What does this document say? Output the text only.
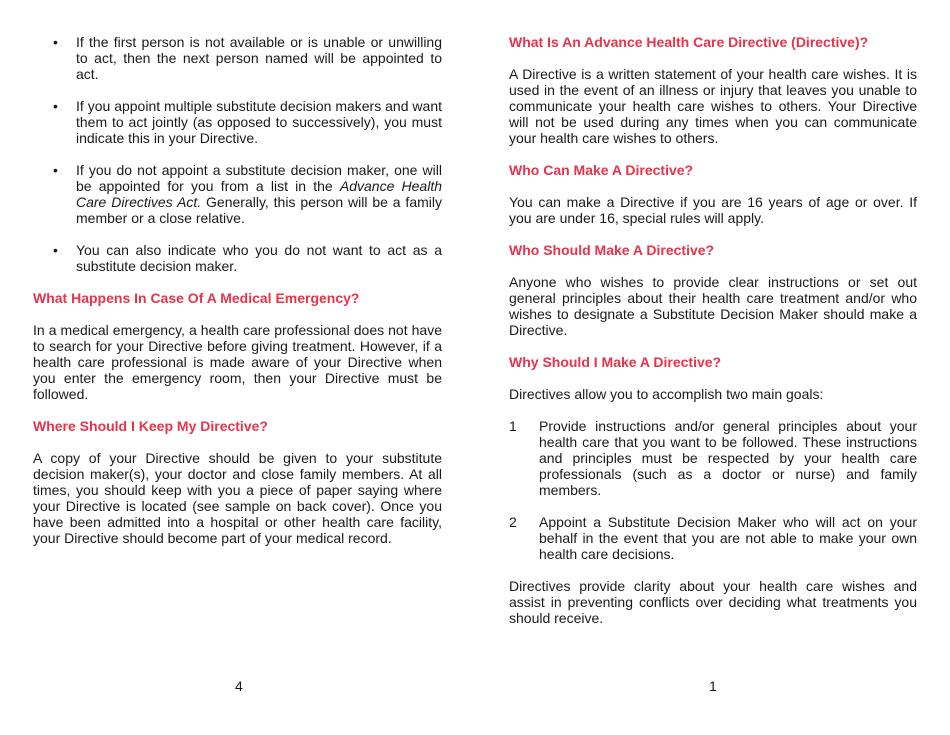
• If the first person is not available or is unable or unwilling to act, then the next person named will be appointed to act.
• If you appoint multiple substitute decision makers and want them to act jointly (as opposed to successively), you must indicate this in your Directive.
• If you do not appoint a substitute decision maker, one will be appointed for you from a list in the Advance Health Care Directives Act. Generally, this person will be a family member or a close relative.
• You can also indicate who you do not want to act as a substitute decision maker.
What Happens In Case Of A Medical Emergency?

In a medical emergency, a health care professional does not have to search for your Directive before giving treatment. However, if a health care professional is made aware of your Directive when you enter the emergency room, then your Directive must be followed.

Where Should I Keep My Directive?

A copy of your Directive should be given to your substitute decision maker(s), your doctor and close family members. At all times, you should keep with you a piece of paper saying where your Directive is located (see sample on back cover). Once you have been admitted into a hospital or other health care facility, your Directive should become part of your medical record.

4
What Is An Advance Health Care Directive (Directive)?

A Directive is a written statement of your health care wishes. It is used in the event of an illness or injury that leaves you unable to communicate your health care wishes to others. Your Directive will not be used during any times when you can communicate your health care wishes to others.

Who Can Make A Directive?

You can make a Directive if you are 16 years of age or over. If you are under 16, special rules will apply.

Who Should Make A Directive?

Anyone who wishes to provide clear instructions or set out general principles about their health care treatment and/or who wishes to designate a Substitute Decision Maker should make a Directive.

Why Should I Make A Directive?

Directives allow you to accomplish two main goals:

1 Provide instructions and/or general principles about your health care that you want to be followed. These instructions and principles must be respected by your health care professionals (such as a doctor or nurse) and family members.
2 Appoint a Substitute Decision Maker who will act on your behalf in the event that you are not able to make your own health care decisions.

Directives provide clarity about your health care wishes and assist in preventing conflicts over deciding what treatments you should receive.

1
